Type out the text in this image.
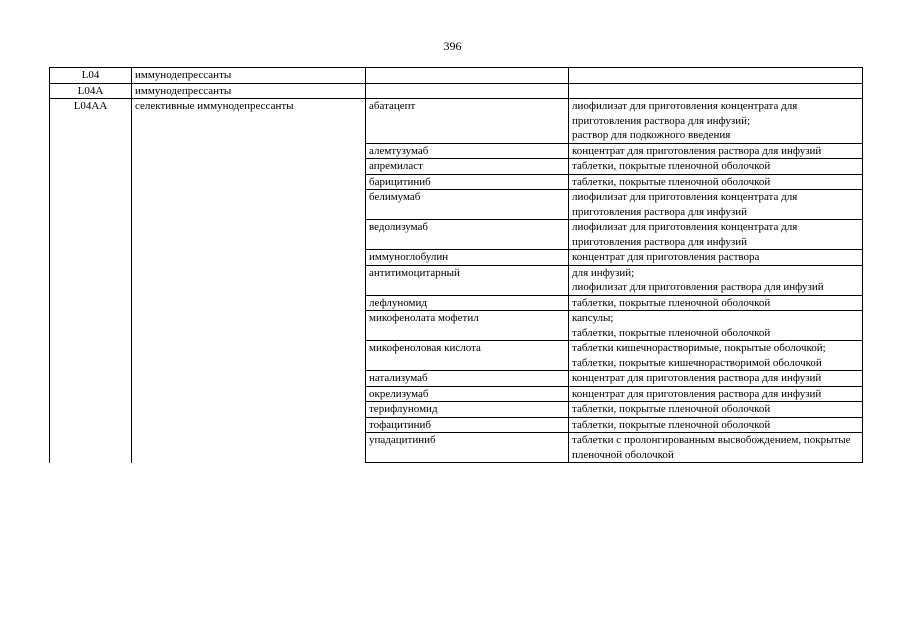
396
L04	иммунодепрессанты		
L04A	иммунодепрессанты		
L04AA	селективные иммунодепрессанты	абатацепт	лиофилизат для приготовления концентрата для приготовления раствора для инфузий;
раствор для подкожного введения

		алемтузумаб	концентрат для приготовления раствора для инфузий

		апремиласт	таблетки, покрытые пленочной оболочкой

		барицитиниб	таблетки, покрытые пленочной оболочкой

		белимумаб	лиофилизат для приготовления концентрата для приготовления раствора для инфузий

		ведолизумаб	лиофилизат для приготовления концентрата для приготовления раствора для инфузий

		иммуноглобулин	концентрат для приготовления раствора

		антитимоцитарный	для инфузий;
лиофилизат для приготовления раствора для инфузий

		лефлуномид	таблетки, покрытые пленочной оболочкой

		микофенолата мофетил	капсулы;
таблетки, покрытые пленочной оболочкой

		микофеноловая кислота	таблетки кишечнорастворимые, покрытые оболочкой;
таблетки, покрытые кишечнорастворимой оболочкой

		натализумаб	концентрат для приготовления раствора для инфузий

		окрелизумаб	концентрат для приготовления раствора для инфузий

		терифлуномид	таблетки, покрытые пленочной оболочкой

		тофацитиниб	таблетки, покрытые пленочной оболочкой

		упадацитиниб	таблетки с пролонгированным высвобождением, покрытые пленочной оболочкой
